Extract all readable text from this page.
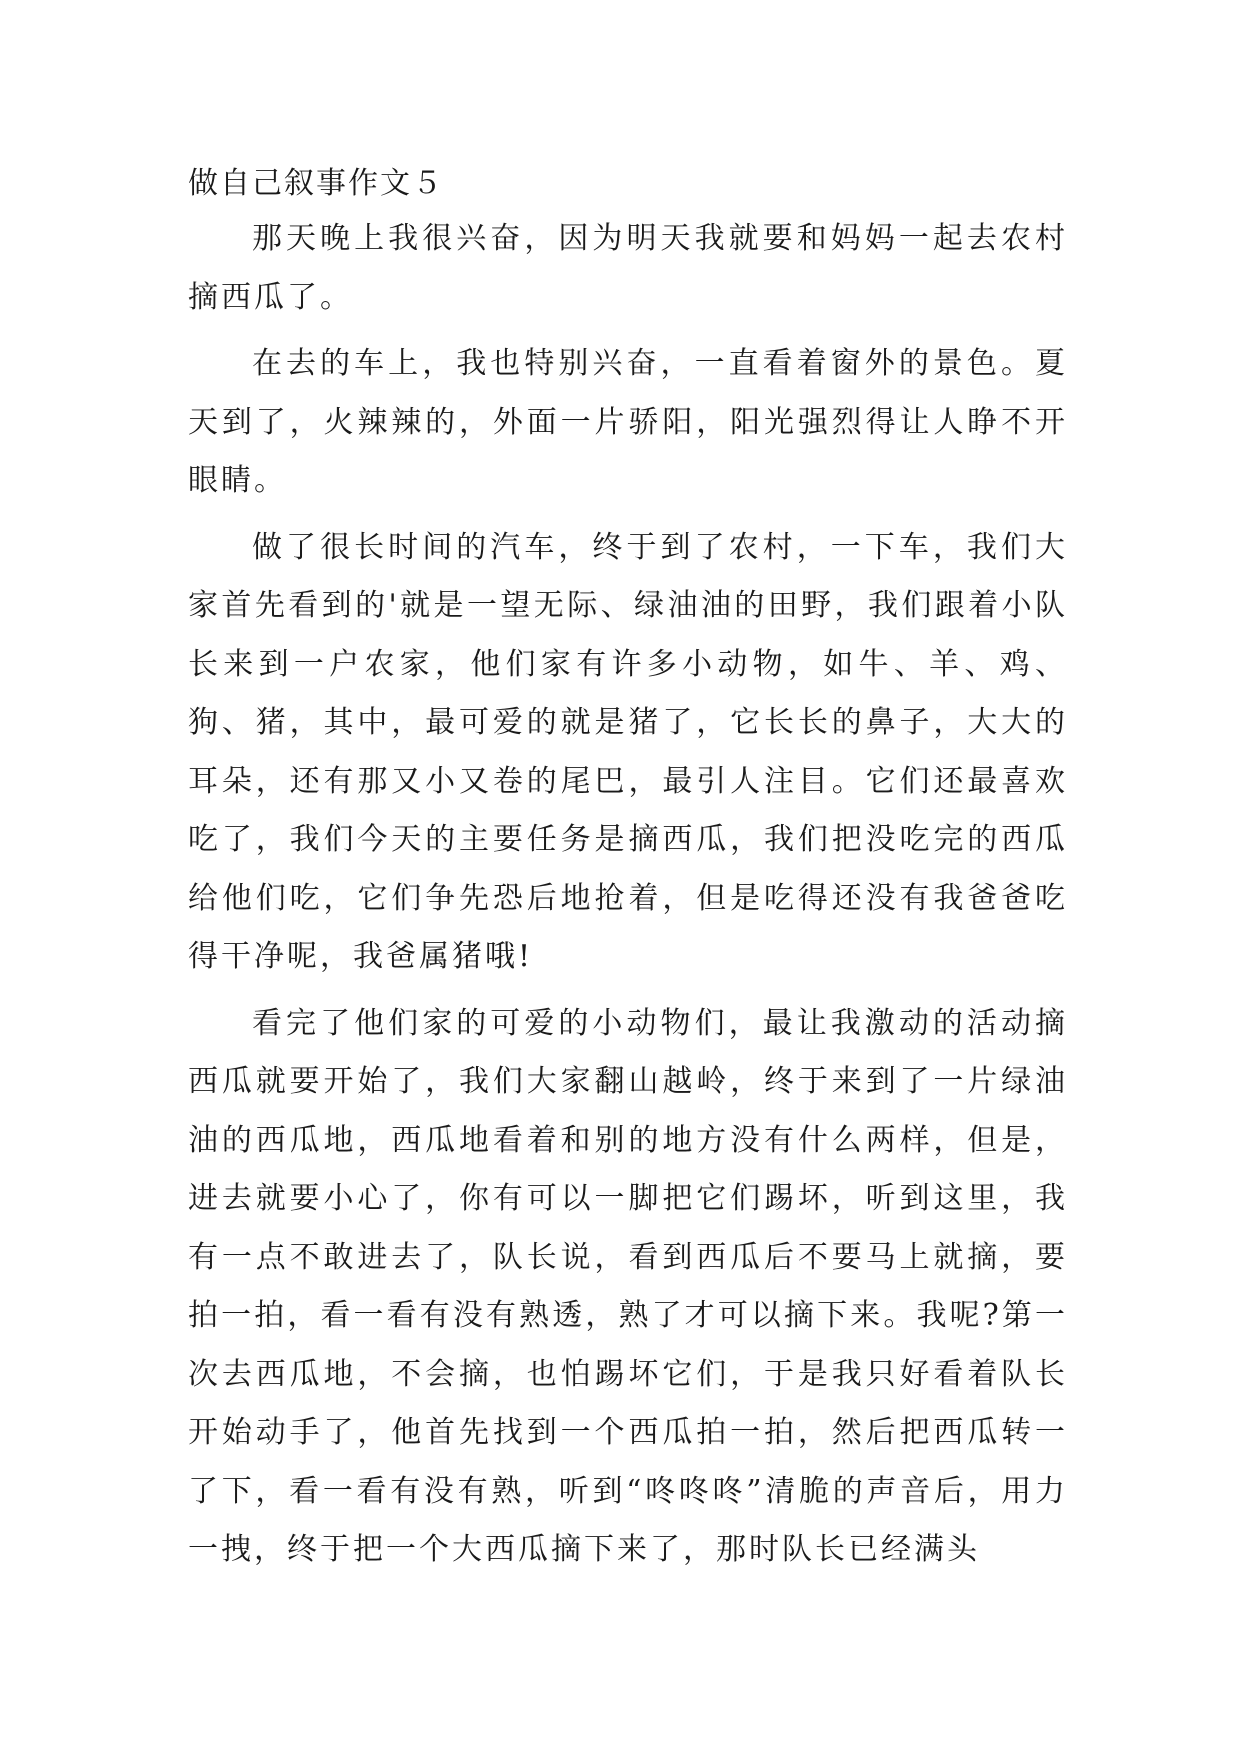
做自己叙事作文５

那天晚上我很兴奋，因为明天我就要和妈妈一起去农村摘西瓜了。

在去的车上，我也特别兴奋，一直看着窗外的景色。夏天到了，火辣辣的，外面一片骄阳，阳光强烈得让人睁不开眼睛。

做了很长时间的汽车，终于到了农村，一下车，我们大家首先看到的'就是一望无际、绿油油的田野，我们跟着小队长来到一户农家，他们家有许多小动物，如牛、羊、鸡、狗、猪，其中，最可爱的就是猪了，它长长的鼻子，大大的耳朵，还有那又小又卷的尾巴，最引人注目。它们还最喜欢吃了，我们今天的主要任务是摘西瓜，我们把没吃完的西瓜给他们吃，它们争先恐后地抢着，但是吃得还没有我爸爸吃得干净呢，我爸属猪哦!

看完了他们家的可爱的小动物们，最让我激动的活动摘西瓜就要开始了，我们大家翻山越岭，终于来到了一片绿油油的西瓜地，西瓜地看着和别的地方没有什么两样，但是，进去就要小心了，你有可以一脚把它们踢坏，听到这里，我有一点不敢进去了，队长说，看到西瓜后不要马上就摘，要拍一拍，看一看有没有熟透，熟了才可以摘下来。我呢?第一次去西瓜地，不会摘，也怕踢坏它们，于是我只好看着队长开始动手了，他首先找到一个西瓜拍一拍，然后把西瓜转一了下，看一看有没有熟，听到“咚咚咚”清脆的声音后，用力一拽，终于把一个大西瓜摘下来了，那时队长已经满头
